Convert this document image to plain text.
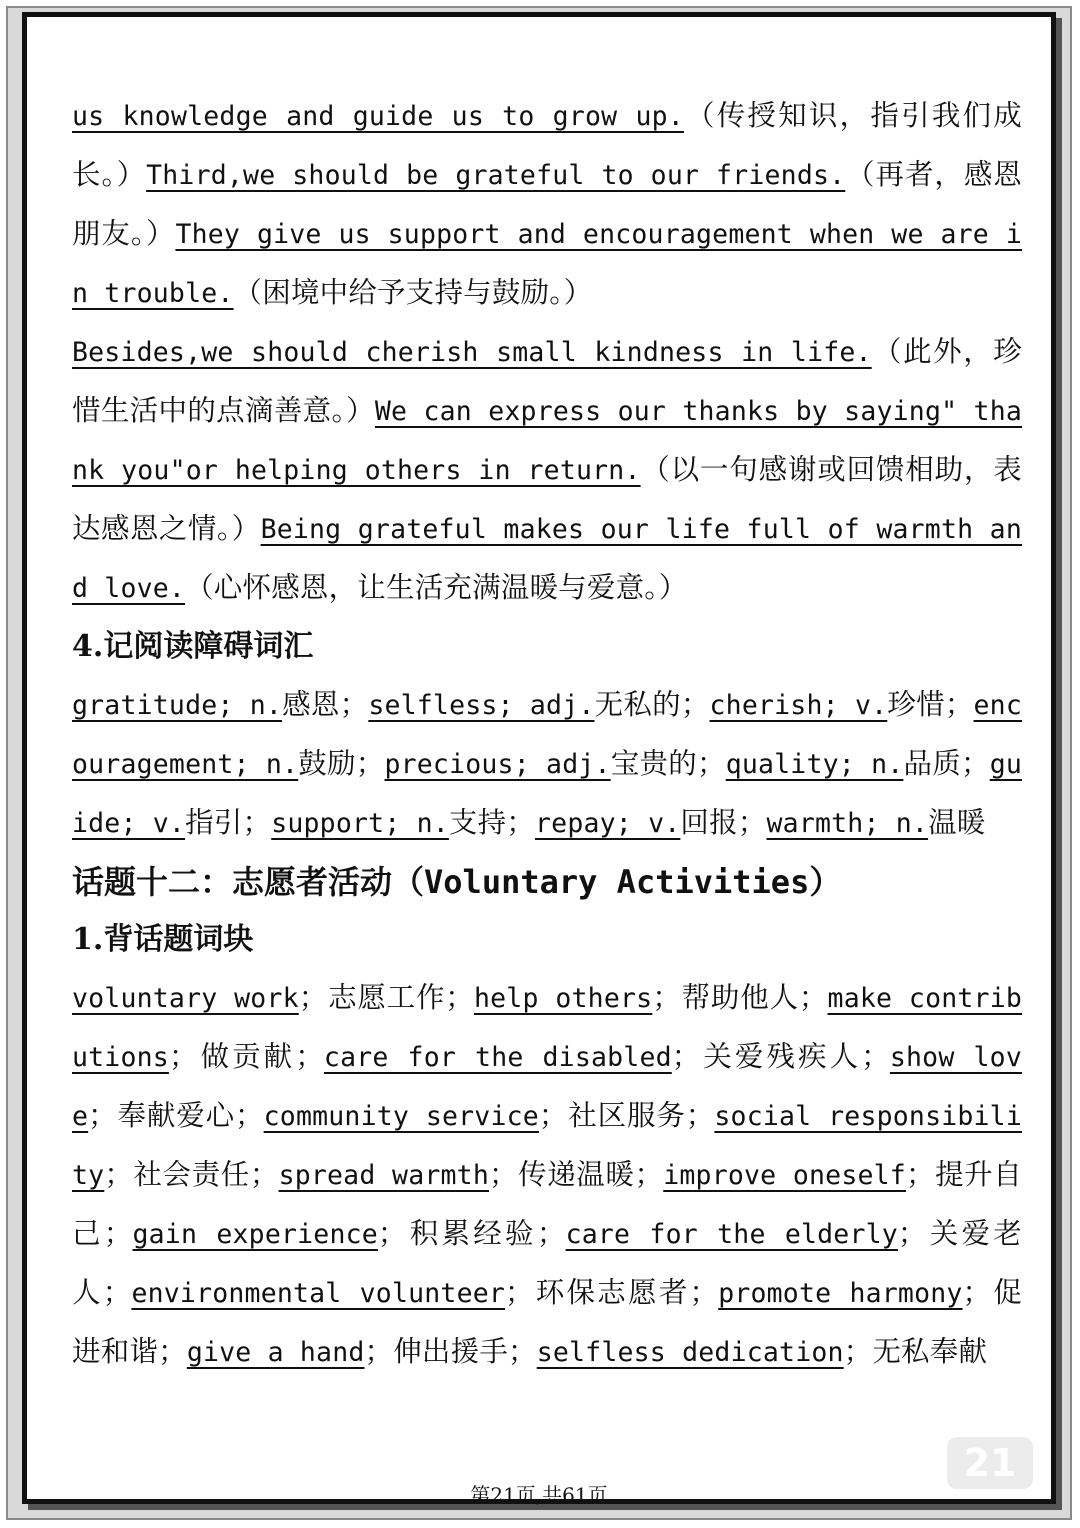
us knowledge and guide us to grow up.（传授知识，指引我们成长。）Third,we should be grateful to our friends.（再者，感恩朋友。）They give us support and encouragement when we are in trouble.（困境中给予支持与鼓励。）

Besides,we should cherish small kindness in life.（此外，珍惜生活中的点滴善意。）We can express our thanks by saying" thank you"or helping others in return.（以一句感谢或回馈相助，表达感恩之情。）Being grateful makes our life full of warmth and love.（心怀感恩，让生活充满温暖与爱意。）

4.记阅读障碍词汇

gratitude; n.感恩；selfless; adj.无私的；cherish; v.珍惜；encouragement; n.鼓励；precious; adj.宝贵的；quality; n.品质；guide; v.指引；support; n.支持；repay; v.回报；warmth; n.温暖

话题十二：志愿者活动（Voluntary Activities）

1.背话题词块

voluntary work；志愿工作；help others；帮助他人；make contributions；做贡献；care for the disabled；关爱残疾人；show love；奉献爱心；community service；社区服务；social responsibility；社会责任；spread warmth；传递温暖；improve oneself；提升自己；gain experience；积累经验；care for the elderly；关爱老人；environmental volunteer；环保志愿者；promote harmony；促进和谐；give a hand；伸出援手；selfless dedication；无私奉献

21
第21页,共61页
